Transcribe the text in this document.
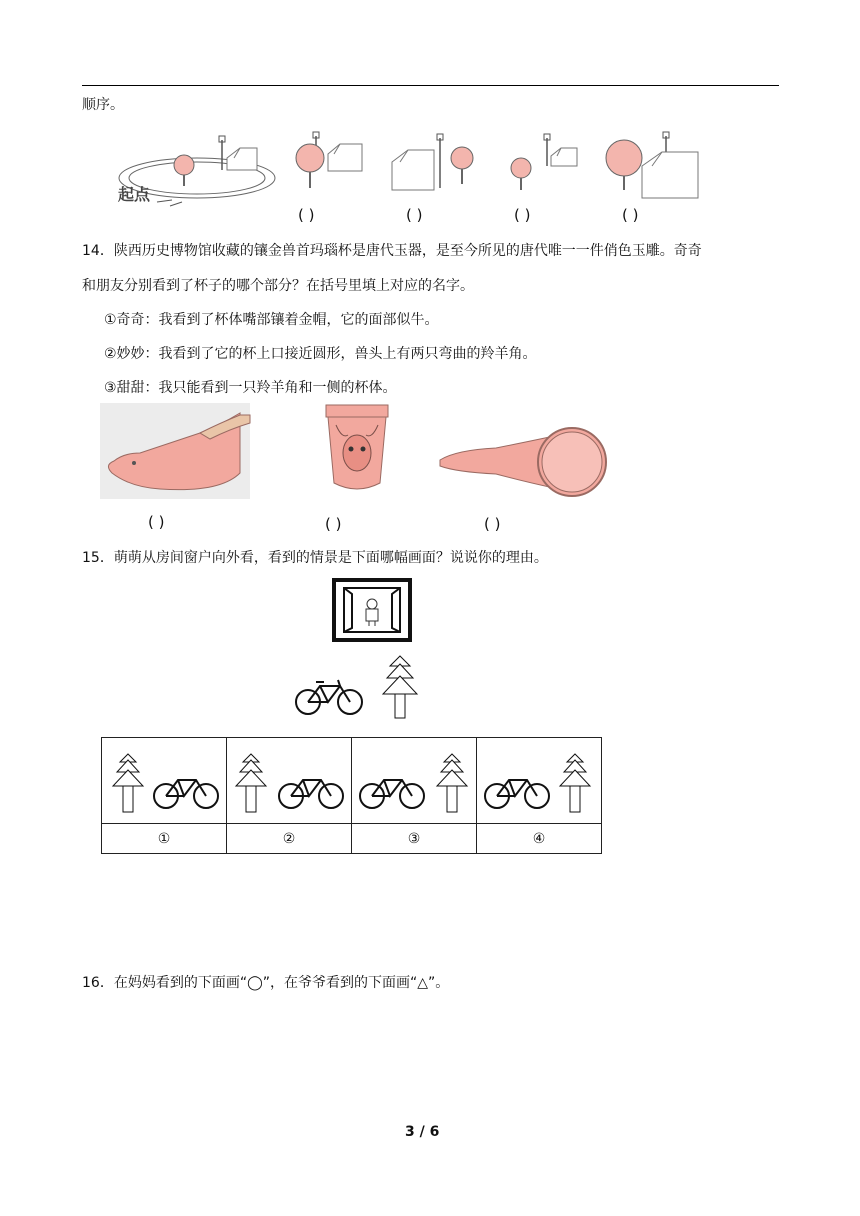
顺序。
起点
( )	( )	( )	( )
14．陕西历史博物馆收藏的镶金兽首玛瑙杯是唐代玉器，是至今所见的唐代唯一一件俏色玉雕。奇奇
和朋友分别看到了杯子的哪个部分？在括号里填上对应的名字。
①奇奇：我看到了杯体嘴部镶着金帽，它的面部似牛。
②妙妙：我看到了它的杯上口接近圆形，兽头上有两只弯曲的羚羊角。
③甜甜：我只能看到一只羚羊角和一侧的杯体。
( )	( )	( )
15．萌萌从房间窗户向外看，看到的情景是下面哪幅画面？说说你的理由。

①	②	③	④
16．在妈妈看到的下面画“◯”，在爷爷看到的下面画“△”。
3 / 6
